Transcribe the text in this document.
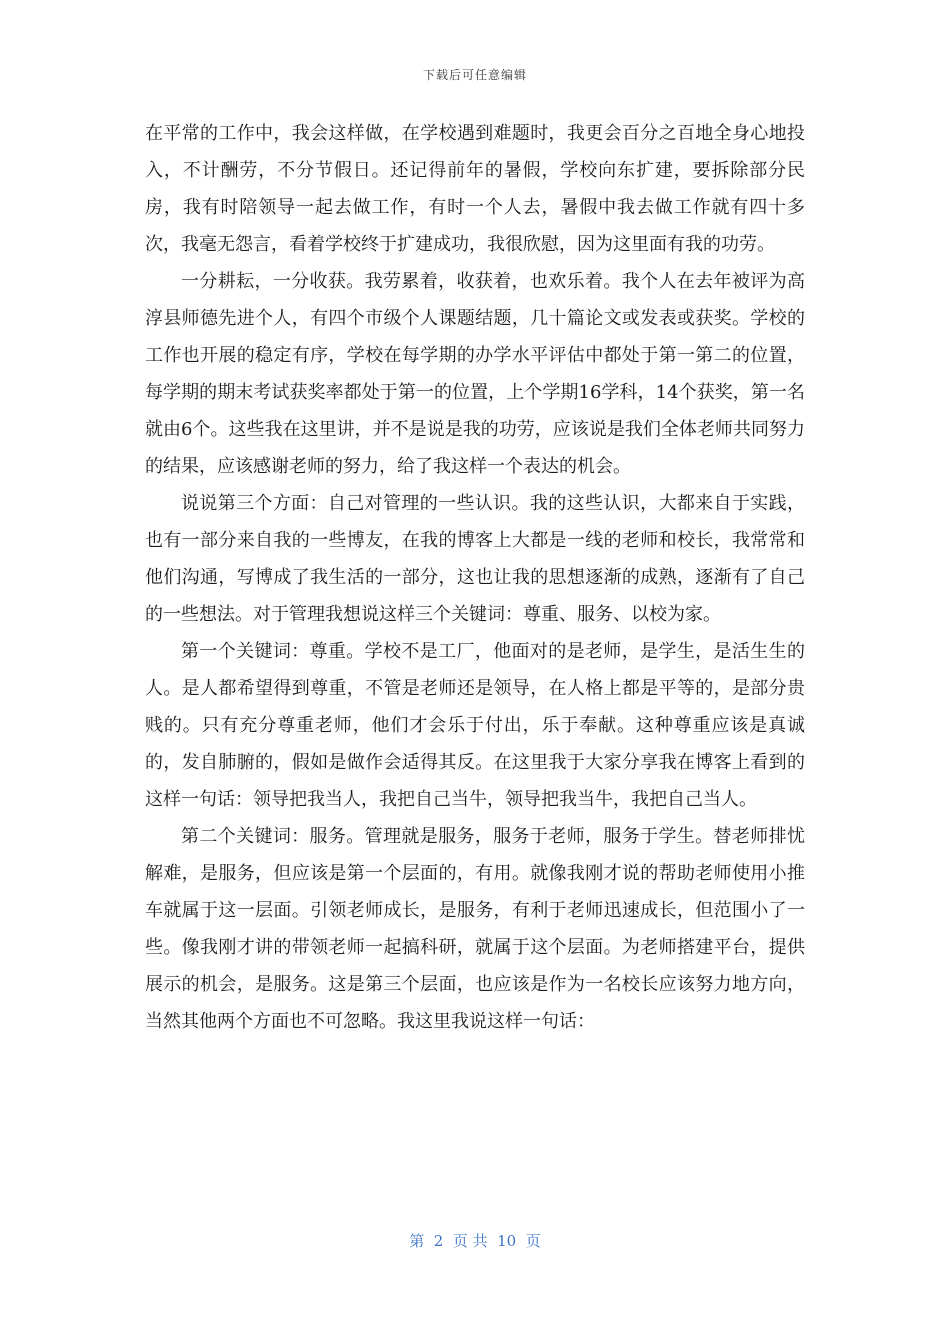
下载后可任意编辑

在平常的工作中，我会这样做，在学校遇到难题时，我更会百分之百地全身心地投入，不计酬劳，不分节假日。还记得前年的暑假，学校向东扩建，要拆除部分民房，我有时陪领导一起去做工作，有时一个人去，暑假中我去做工作就有四十多次，我毫无怨言，看着学校终于扩建成功，我很欣慰，因为这里面有我的功劳。

一分耕耘，一分收获。我劳累着，收获着，也欢乐着。我个人在去年被评为高淳县师德先进个人，有四个市级个人课题结题，几十篇论文或发表或获奖。学校的工作也开展的稳定有序，学校在每学期的办学水平评估中都处于第一第二的位置，每学期的期末考试获奖率都处于第一的位置，上个学期16学科，14个获奖，第一名就由6个。这些我在这里讲，并不是说是我的功劳，应该说是我们全体老师共同努力的结果，应该感谢老师的努力，给了我这样一个表达的机会。

说说第三个方面：自己对管理的一些认识。我的这些认识，大都来自于实践，也有一部分来自我的一些博友，在我的博客上大都是一线的老师和校长，我常常和他们沟通，写博成了我生活的一部分，这也让我的思想逐渐的成熟，逐渐有了自己的一些想法。对于管理我想说这样三个关键词：尊重、服务、以校为家。

第一个关键词：尊重。学校不是工厂，他面对的是老师，是学生，是活生生的人。是人都希望得到尊重，不管是老师还是领导，在人格上都是平等的，是部分贵贱的。只有充分尊重老师，他们才会乐于付出，乐于奉献。这种尊重应该是真诚的，发自肺腑的，假如是做作会适得其反。在这里我于大家分享我在博客上看到的这样一句话：领导把我当人，我把自己当牛，领导把我当牛，我把自己当人。

第二个关键词：服务。管理就是服务，服务于老师，服务于学生。替老师排忧解难，是服务，但应该是第一个层面的，有用。就像我刚才说的帮助老师使用小推车就属于这一层面。引领老师成长，是服务，有利于老师迅速成长，但范围小了一些。像我刚才讲的带领老师一起搞科研，就属于这个层面。为老师搭建平台，提供展示的机会，是服务。这是第三个层面，也应该是作为一名校长应该努力地方向，当然其他两个方面也不可忽略。我这里我说这样一句话：

第  2  页 共  10  页
